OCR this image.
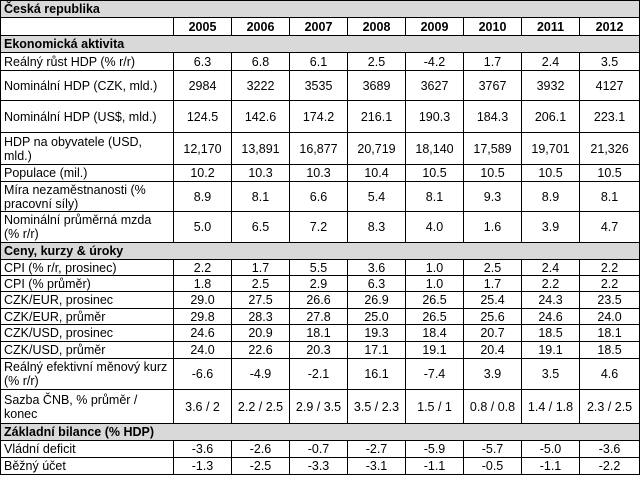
Česká republika								
	2005	2006	2007	2008	2009	2010	2011	2012
Ekonomická aktivita								
Reálný růst HDP (% r/r)	6.3	6.8	6.1	2.5	-4.2	1.7	2.4	3.5
Nominální HDP (CZK, mld.)	2984	3222	3535	3689	3627	3767	3932	4127
Nominální HDP (US$, mld.)	124.5	142.6	174.2	216.1	190.3	184.3	206.1	223.1
HDP na obyvatele (USD, mld.)	12,170	13,891	16,877	20,719	18,140	17,589	19,701	21,326
Populace (mil.)	10.2	10.3	10.3	10.4	10.5	10.5	10.5	10.5
Míra nezaměstnanosti (% pracovní síly)	8.9	8.1	6.6	5.4	8.1	9.3	8.9	8.1
Nominální průměrná mzda (% r/r)	5.0	6.5	7.2	8.3	4.0	1.6	3.9	4.7
Ceny, kurzy & úroky								
CPI (% r/r, prosinec)	2.2	1.7	5.5	3.6	1.0	2.5	2.4	2.2
CPI (% průměr)	1.8	2.5	2.9	6.3	1.0	1.7	2.2	2.2
CZK/EUR, prosinec	29.0	27.5	26.6	26.9	26.5	25.4	24.3	23.5
CZK/EUR, průměr	29.8	28.3	27.8	25.0	26.5	25.6	24.6	24.0
CZK/USD, prosinec	24.6	20.9	18.1	19.3	18.4	20.7	18.5	18.1
CZK/USD, průměr	24.0	22.6	20.3	17.1	19.1	20.4	19.1	18.5
Reálný efektivní měnový kurz (% r/r)	-6.6	-4.9	-2.1	16.1	-7.4	3.9	3.5	4.6
Sazba ČNB, % průměr / konec	3.6 / 2	2.2 / 2.5	2.9 / 3.5	3.5 / 2.3	1.5 / 1	0.8 / 0.8	1.4 / 1.8	2.3 / 2.5
Základní bilance (% HDP)								
Vládní deficit	-3.6	-2.6	-0.7	-2.7	-5.9	-5.7	-5.0	-3.6
Běžný účet	-1.3	-2.5	-3.3	-3.1	-1.1	-0.5	-1.1	-2.2
